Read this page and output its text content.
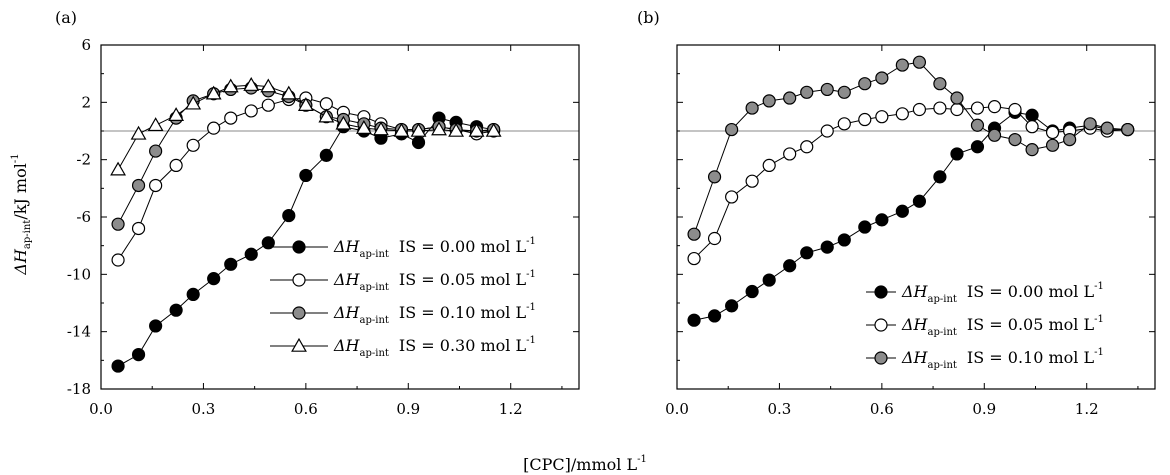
(a)	(b)
$\Delta H_{ap-int}/kJ$ mol$^{-1}$
[CPC]/mmol $L^{-1}$
0.0	0.3	0.6	0.9	1.2
6
2
-2
-6
-10
-14
-18
$\Delta H_{ap-int}$ IS = 0.00 mol $L^{-1}$
$\Delta H_{ap-int}$ IS = 0.05 mol $L^{-1}$
$\Delta H_{ap-int}$ IS = 0.10 mol $L^{-1}$
$\Delta H_{ap-int}$ IS = 0.30 mol $L^{-1}$
0.0	0.3	0.6	0.9	1.2
$\Delta H_{ap-int}$ IS = 0.00 mol $L^{-1}$
$\Delta H_{ap-int}$ IS = 0.05 mol $L^{-1}$
$\Delta H_{ap-int}$ IS = 0.10 mol $L^{-1}$
